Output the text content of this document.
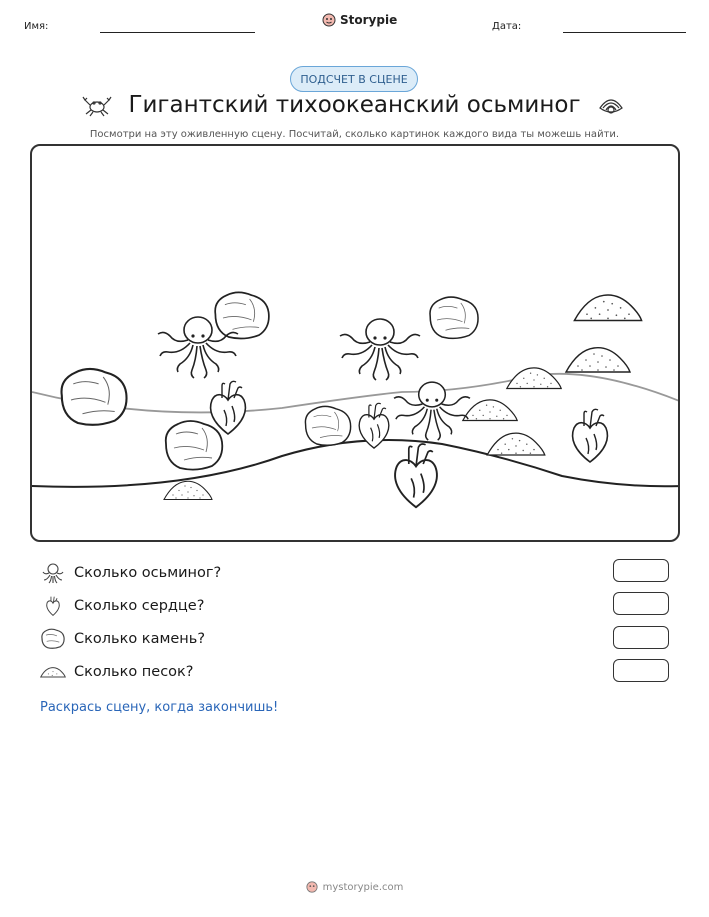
Имя:	Storypie	Дата:
ПОДСЧЕТ В СЦЕНЕ
Гигантский тихоокеанский осьминог
Посмотри на эту оживленную сцену. Посчитай, сколько картинок каждого вида ты можешь найти.
Сколько осьминог?
Сколько сердце?
Сколько камень?
Сколько песок?
Раскрась сцену, когда закончишь!
mystorypie.com
